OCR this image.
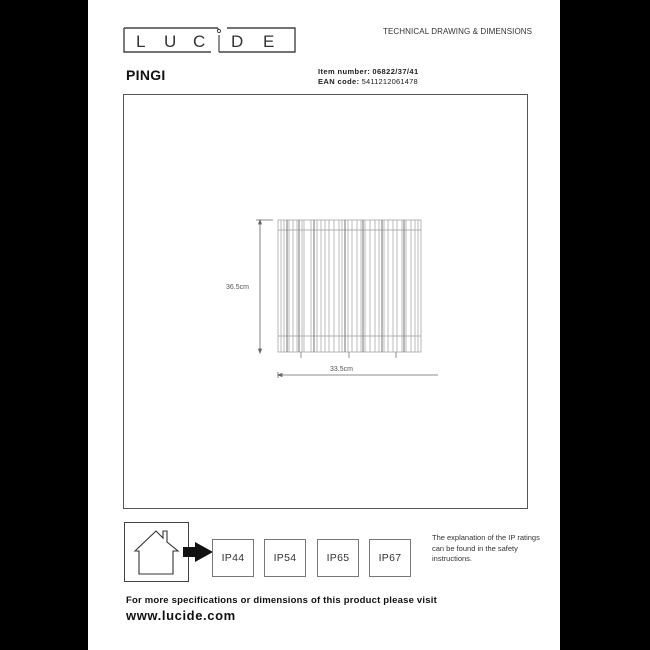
L U C D E
TECHNICAL DRAWING & DIMENSIONS
PINGI	Item number: 06822/37/41
EAN code: 5411212061478
36.5cm
33.5cm
IP44	IP54	IP65	IP67
The explanation of the IP ratings can be found in the safety instructions.
For more specifications or dimensions of this product please visit
www.lucide.com
